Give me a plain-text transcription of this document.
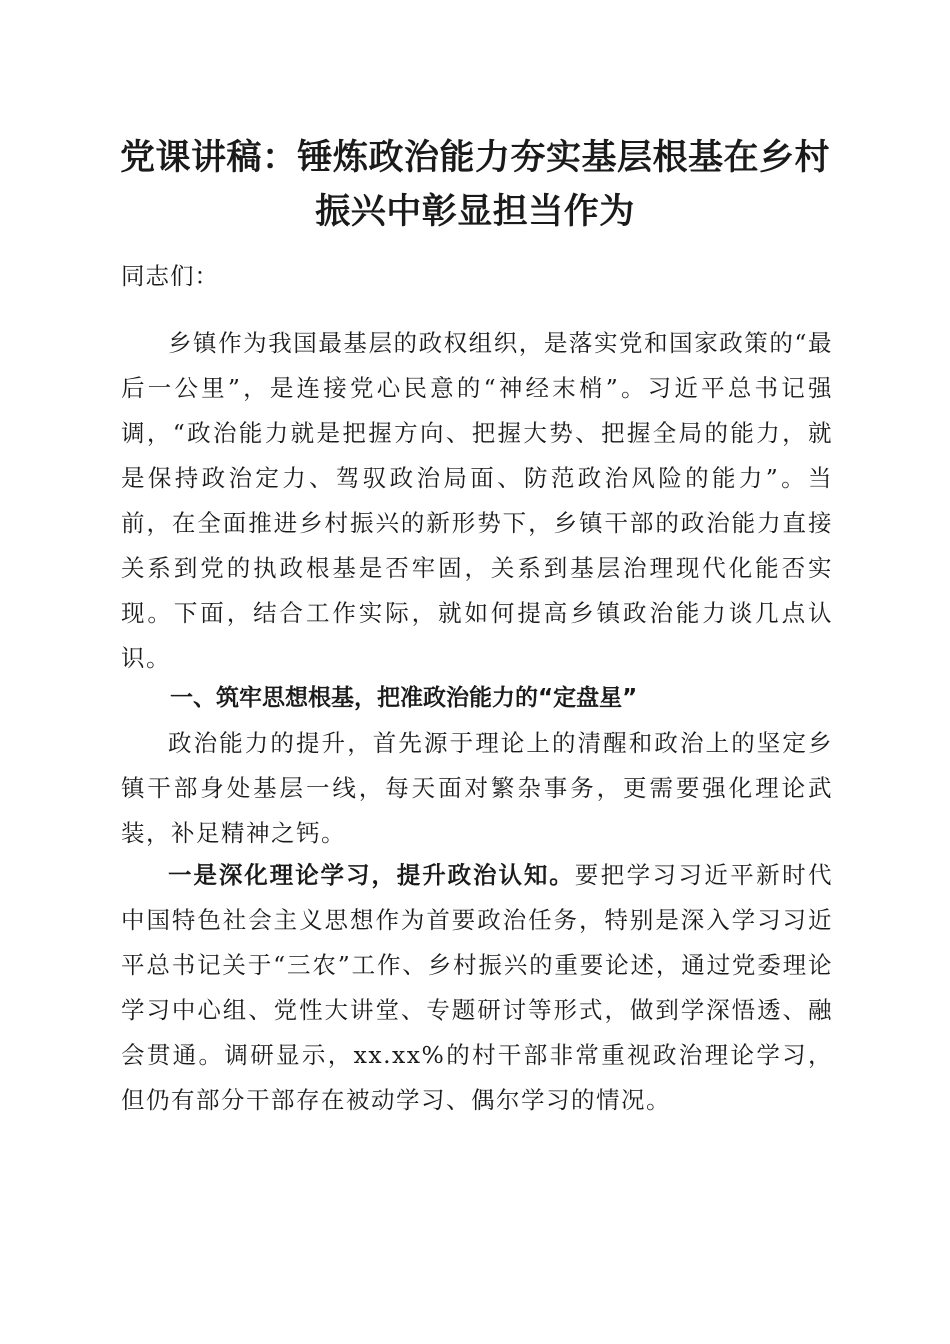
党课讲稿：锤炼政治能力夯实基层根基在乡村
振兴中彰显担当作为

同志们：

乡镇作为我国最基层的政权组织，是落实党和国家政策的“最后一公里”，是连接党心民意的“神经末梢”。习近平总书记强调，“政治能力就是把握方向、把握大势、把握全局的能力，就是保持政治定力、驾驭政治局面、防范政治风险的能力”。当前，在全面推进乡村振兴的新形势下，乡镇干部的政治能力直接关系到党的执政根基是否牢固，关系到基层治理现代化能否实现。下面，结合工作实际，就如何提高乡镇政治能力谈几点认识。

一、筑牢思想根基，把准政治能力的“定盘星”

政治能力的提升，首先源于理论上的清醒和政治上的坚定乡镇干部身处基层一线，每天面对繁杂事务，更需要强化理论武装，补足精神之钙。

一是深化理论学习，提升政治认知。要把学习习近平新时代中国特色社会主义思想作为首要政治任务，特别是深入学习习近平总书记关于“三农”工作、乡村振兴的重要论述，通过党委理论学习中心组、党性大讲堂、专题研讨等形式，做到学深悟透、融会贯通。调研显示，xx.xx%的村干部非常重视政治理论学习，但仍有部分干部存在被动学习、偶尔学习的情况。
